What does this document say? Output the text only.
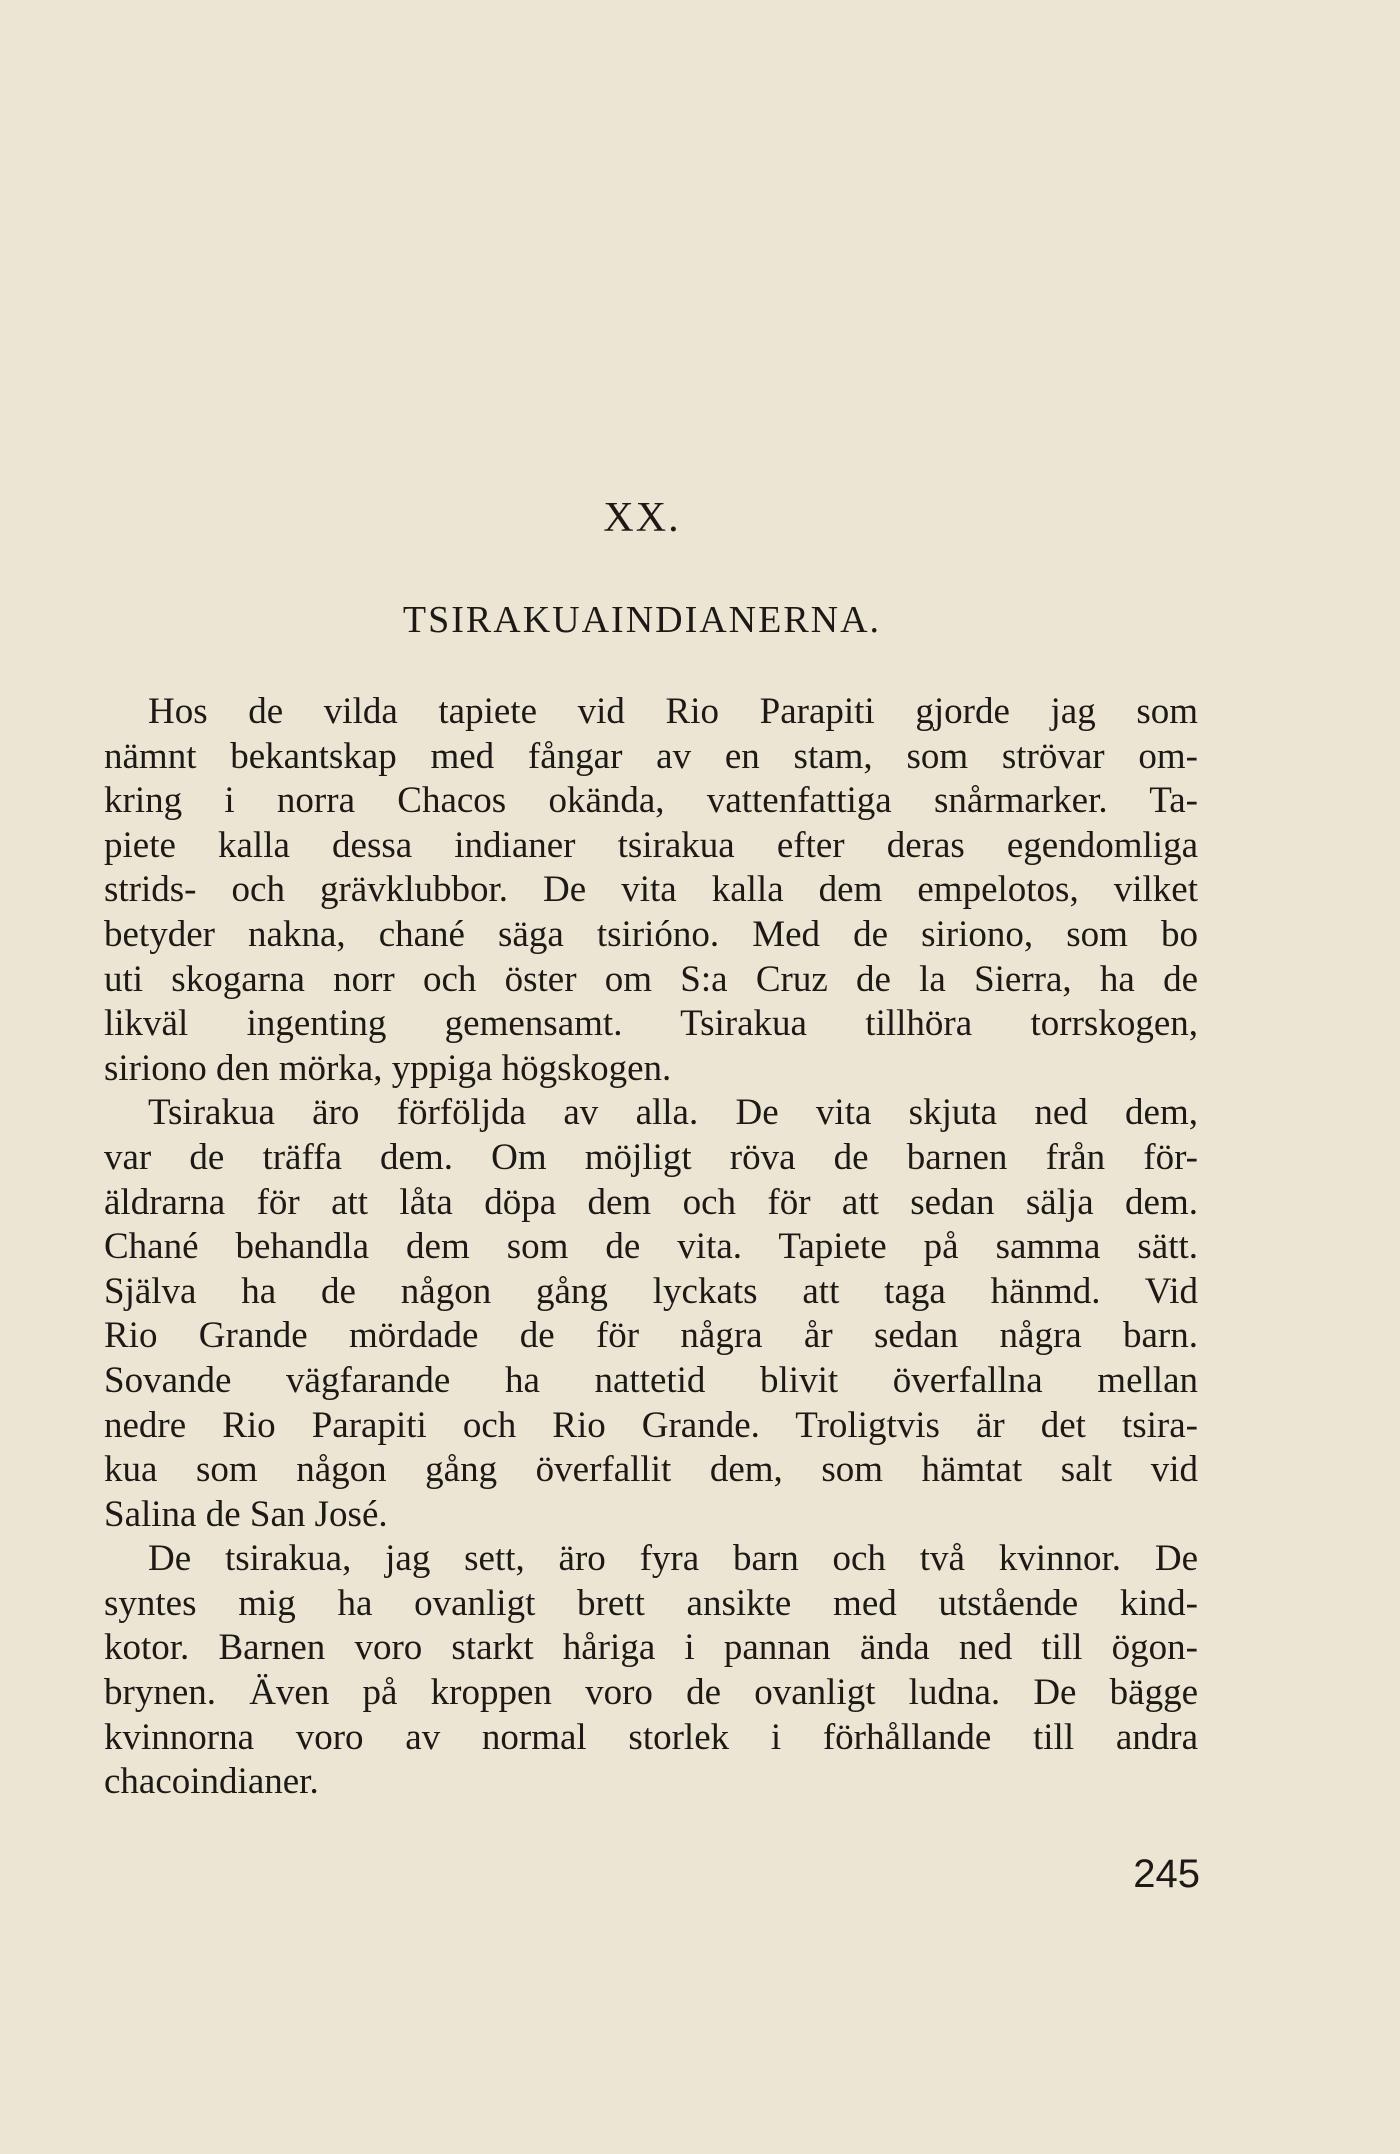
XX.
TSIRAKUAINDIANERNA.
Hos de vilda tapiete vid Rio Parapiti gjorde jag som
nämnt bekantskap med fångar av en stam, som strövar om-
kring i norra Chacos okända, vattenfattiga snårmarker. Ta-
piete kalla dessa indianer tsirakua efter deras egendomliga
strids- och grävklubbor. De vita kalla dem empelotos, vilket
betyder nakna, chané säga tsirióno. Med de siriono, som bo
uti skogarna norr och öster om S:a Cruz de la Sierra, ha de
likväl ingenting gemensamt. Tsirakua tillhöra torrskogen,
siriono den mörka, yppiga högskogen.
Tsirakua äro förföljda av alla. De vita skjuta ned dem,
var de träffa dem. Om möjligt röva de barnen från för-
äldrarna för att låta döpa dem och för att sedan sälja dem.
Chané behandla dem som de vita. Tapiete på samma sätt.
Själva ha de någon gång lyckats att taga hänmd. Vid
Rio Grande mördade de för några år sedan några barn.
Sovande vägfarande ha nattetid blivit överfallna mellan
nedre Rio Parapiti och Rio Grande. Troligtvis är det tsira-
kua som någon gång överfallit dem, som hämtat salt vid
Salina de San José.
De tsirakua, jag sett, äro fyra barn och två kvinnor. De
syntes mig ha ovanligt brett ansikte med utstående kind-
kotor. Barnen voro starkt håriga i pannan ända ned till ögon-
brynen. Även på kroppen voro de ovanligt ludna. De bägge
kvinnorna voro av normal storlek i förhållande till andra
chacoindianer.
245
